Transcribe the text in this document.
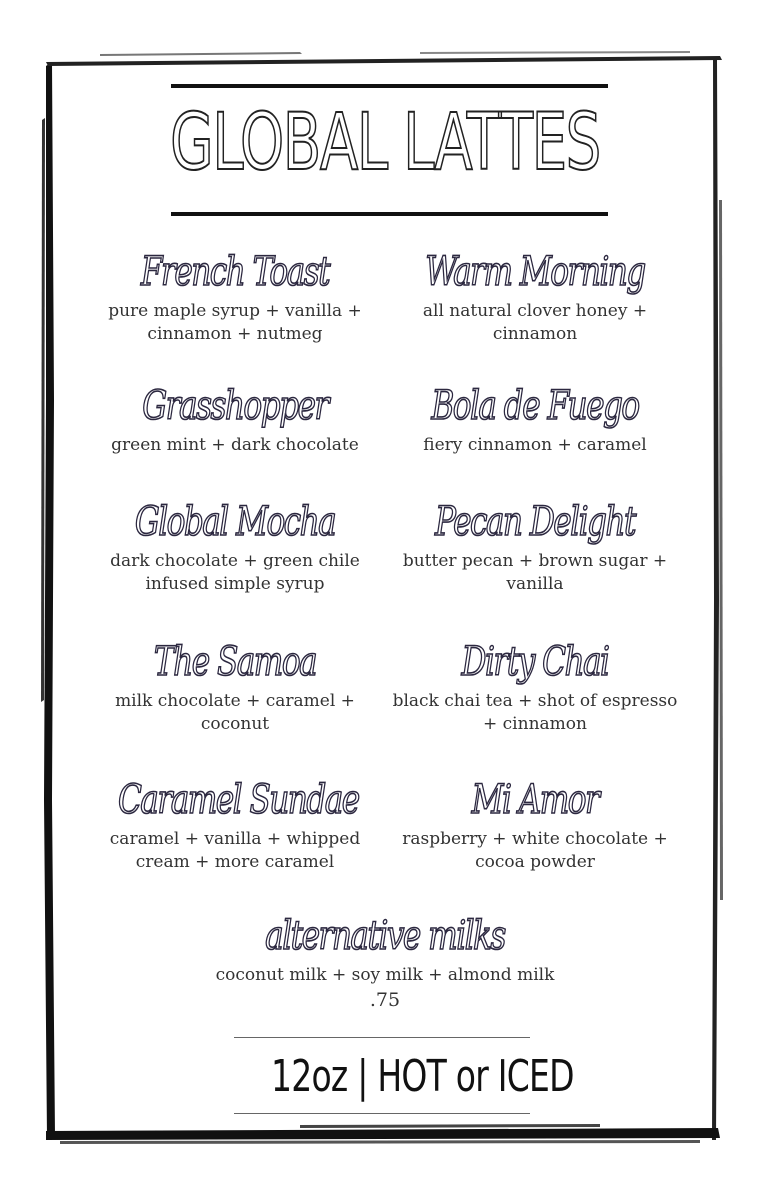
GLOBAL LATTES
French Toast
pure maple syrup + vanilla + cinnamon + nutmeg
Warm Morning
all natural clover honey + cinnamon
Grasshopper
green mint + dark chocolate
Bola de Fuego
fiery cinnamon + caramel
Global Mocha
dark chocolate + green chile infused simple syrup
Pecan Delight
butter pecan + brown sugar + vanilla
The Samoa
milk chocolate + caramel + coconut
Dirty Chai
black chai tea + shot of espresso + cinnamon
Caramel Sundae
caramel + vanilla + whipped cream + more caramel
Mi Amor
raspberry + white chocolate + cocoa powder
alternative milks
coconut milk + soy milk + almond milk
.75
12oz | HOT or ICED
